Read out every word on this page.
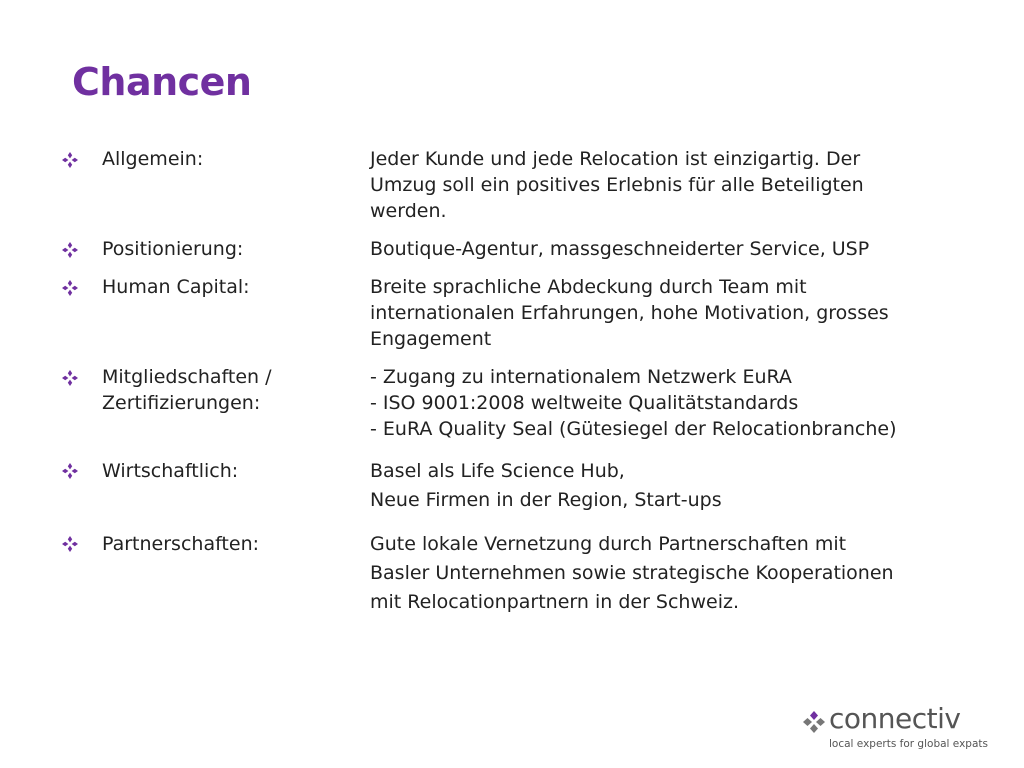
Chancen
Allgemein:	Jeder Kunde und jede Relocation ist einzigartig. Der
Umzug soll ein positives Erlebnis für alle Beteiligten
werden.
Positionierung:	Boutique-Agentur, massgeschneiderter Service, USP
Human Capital:	Breite sprachliche Abdeckung durch Team mit
internationalen Erfahrungen, hohe Motivation, grosses
Engagement
Mitgliedschaften /
Zertifizierungen:
- Zugang zu internationalem Netzwerk EuRA
- ISO 9001:2008 weltweite Qualitätstandards
- EuRA Quality Seal (Gütesiegel der Relocationbranche)
Wirtschaftlich:	Basel als Life Science Hub,
Neue Firmen in der Region, Start-ups
Partnerschaften:	Gute lokale Vernetzung durch Partnerschaften mit
Basler Unternehmen sowie strategische Kooperationen
mit Relocationpartnern in der Schweiz.
connectiv
local experts for global expats
